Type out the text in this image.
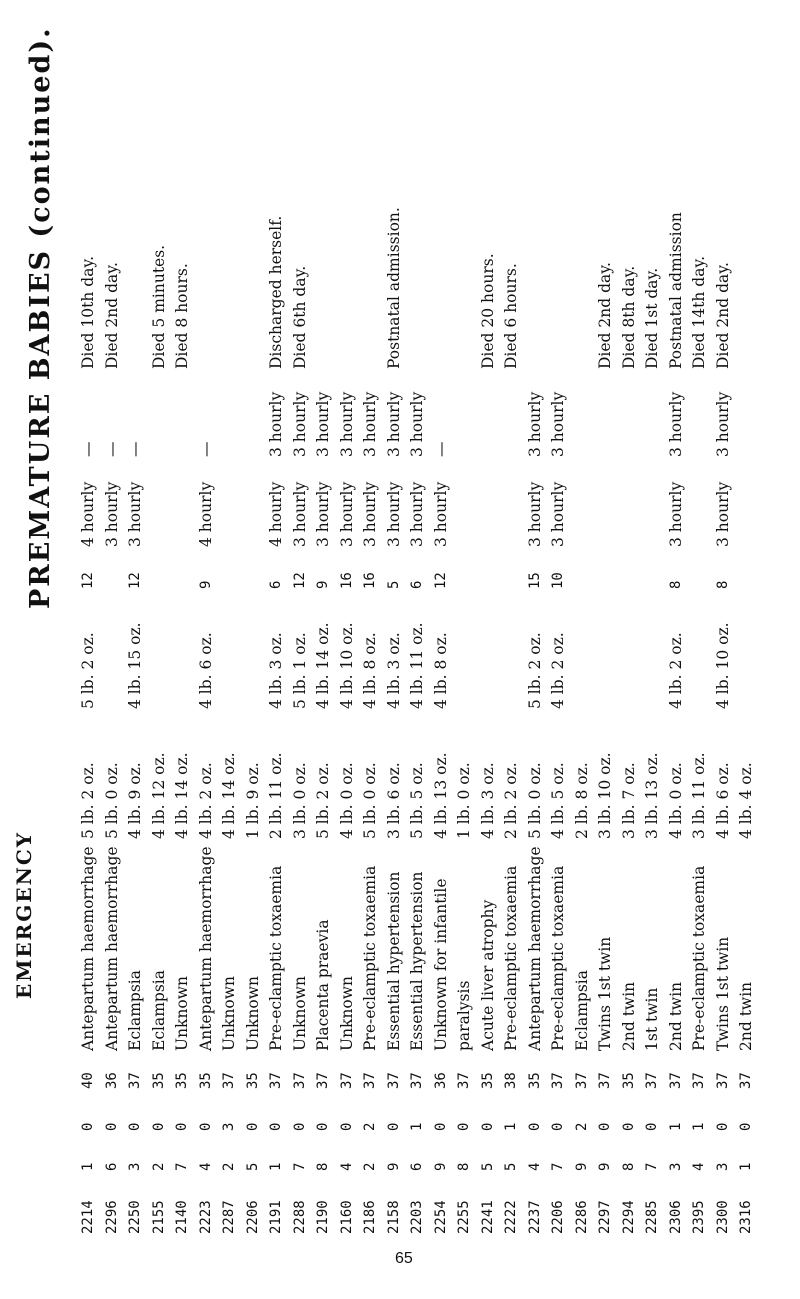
PREMATURE BABIES (continued).
EMERGENCY
2214
1
0
40
Antepartum haemorrhage
5 lb. 2 oz.
5 lb. 2 oz.
12
4 hourly
—
Died 10th day.
2296
6
0
36
Antepartum haemorrhage
5 lb. 0 oz.
3 hourly
—
Died 2nd day.
2250
3
0
37
Eclampsia
4 lb. 9 oz.
4 lb. 15 oz.
12
3 hourly
—
2155
2
0
35
Eclampsia
4 lb. 12 oz.
Died 5 minutes.
2140
7
0
35
Unknown
4 lb. 14 oz.
Died 8 hours.
2223
4
0
35
Antepartum haemorrhage
4 lb. 2 oz.
4 lb. 6 oz.
9
4 hourly
—
2287
2
3
37
Unknown
4 lb. 14 oz.
2206
5
0
35
Unknown
1 lb. 9 oz.
2191
1
0
37
Pre-eclamptic toxaemia
2 lb. 11 oz.
4 lb. 3 oz.
6
4 hourly
3 hourly
Discharged herself.
2288
7
0
37
Unknown
3 lb. 0 oz.
5 lb. 1 oz.
12
3 hourly
3 hourly
Died 6th day.
2190
8
0
37
Placenta praevia
5 lb. 2 oz.
4 lb. 14 oz.
9
3 hourly
3 hourly
2160
4
0
37
Unknown
4 lb. 0 oz.
4 lb. 10 oz.
16
3 hourly
3 hourly
2186
2
2
37
Pre-eclamptic toxaemia
5 lb. 0 oz.
4 lb. 8 oz.
16
3 hourly
3 hourly
2158
9
0
37
Essential hypertension
3 lb. 6 oz.
4 lb. 3 oz.
5
3 hourly
3 hourly
Postnatal admission.
2203
6
1
37
Essential hypertension
5 lb. 5 oz.
4 lb. 11 oz.
6
3 hourly
3 hourly
2254
9
0
36
Unknown for infantile
4 lb. 13 oz.
4 lb. 8 oz.
12
3 hourly
—
2255
8
0
37
paralysis
1 lb. 0 oz.
2241
5
0
35
Acute liver atrophy
4 lb. 3 oz.
Died 20 hours.
2222
5
1
38
Pre-eclamptic toxaemia
2 lb. 2 oz.
Died 6 hours.
2237
4
0
35
Antepartum haemorrhage
5 lb. 0 oz.
5 lb. 2 oz.
15
3 hourly
3 hourly
2206
7
0
37
Pre-eclamptic toxaemia
4 lb. 5 oz.
4 lb. 2 oz.
10
3 hourly
3 hourly
2286
9
2
37
Eclampsia
2 lb. 8 oz.
2297
9
0
37
Twins 1st twin
3 lb. 10 oz.
Died 2nd day.
2294
8
0
35
2nd twin
3 lb. 7 oz.
Died 8th day.
2285
7
0
37
1st twin
3 lb. 13 oz.
Died 1st day.
2306
3
1
37
2nd twin
4 lb. 0 oz.
4 lb. 2 oz.
8
3 hourly
3 hourly
Postnatal admission
2395
4
1
37
Pre-eclamptic toxaemia
3 lb. 11 oz.
Died 14th day.
2300
3
0
37
Twins 1st twin
4 lb. 6 oz.
4 lb. 10 oz.
8
3 hourly
3 hourly
Died 2nd day.
2316
1
0
37
2nd twin
4 lb. 4 oz.
65
